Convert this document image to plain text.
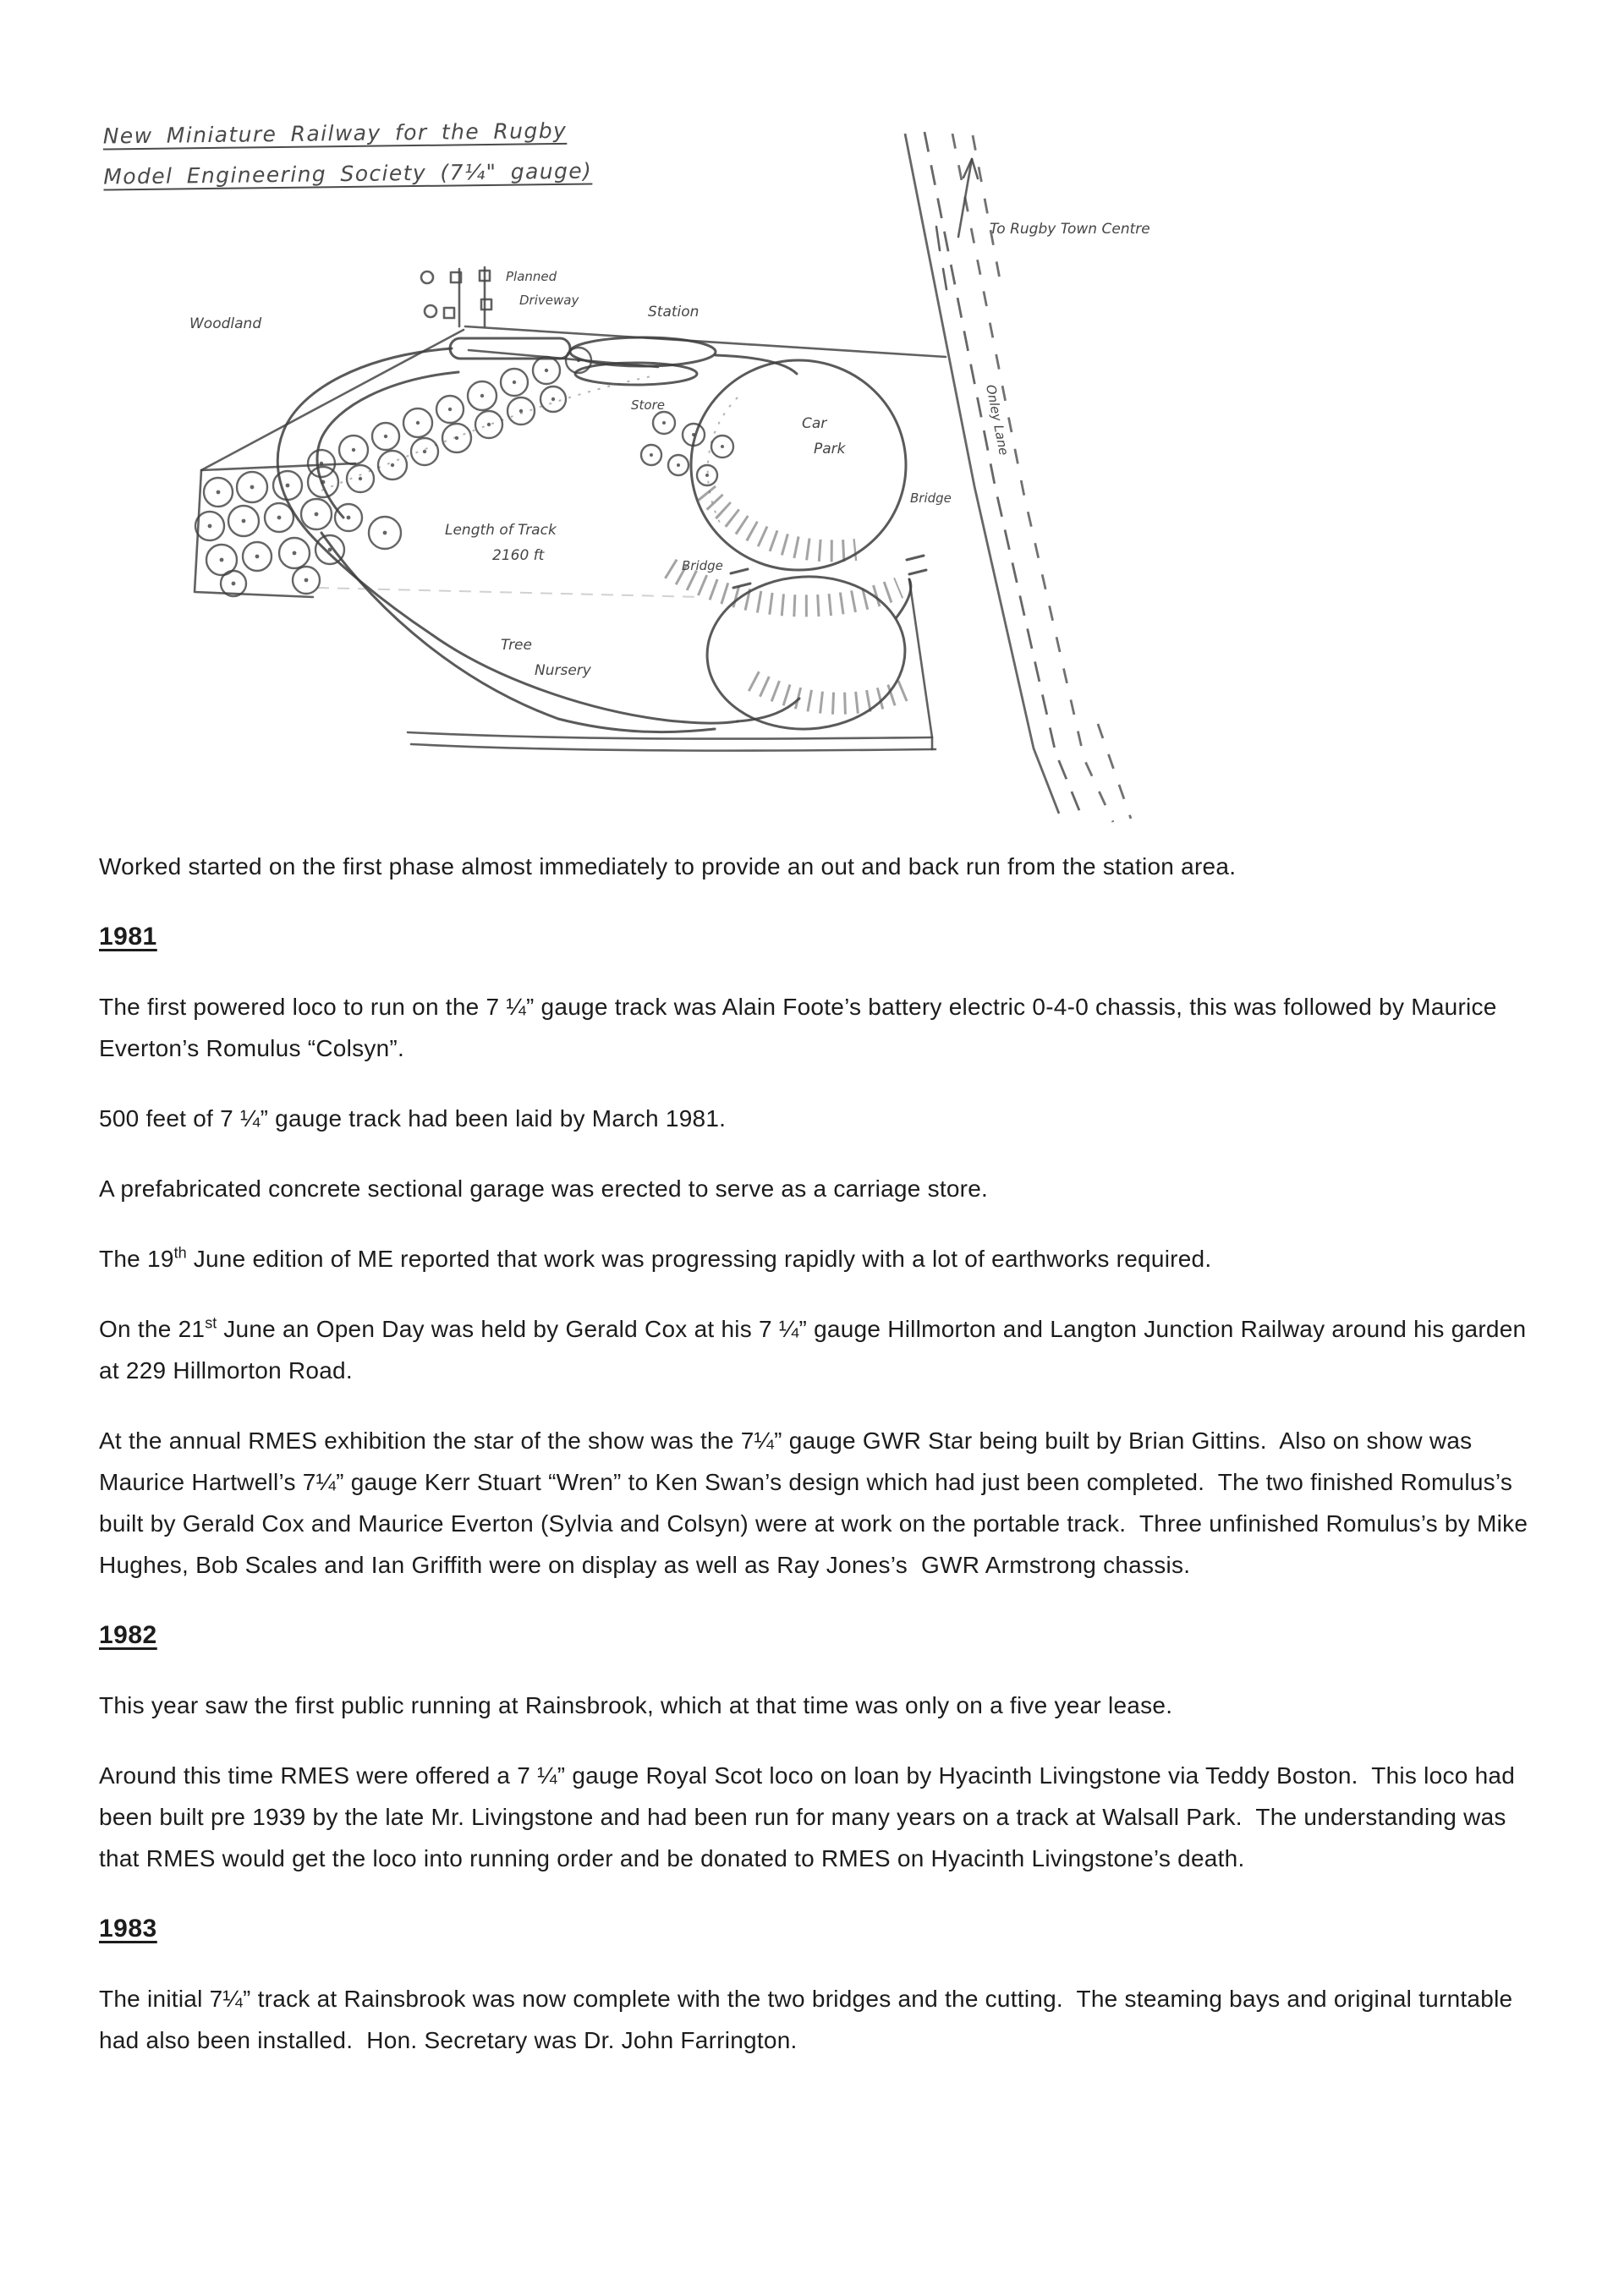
New Miniature Railway for the Rugby
Model Engineering Society (7¼" gauge)
Onley Lane
To Rugby Town Centre
Planned
Driveway
Station
Bridge
Bridge
Woodland
Store
Car
Park
Length of Track
2160 ft
Tree
Nursery

Worked started on the first phase almost immediately to provide an out and back run from the station area.

1981

The first powered loco to run on the 7 ¼” gauge track was Alain Foote’s battery electric 0-4-0 chassis, this was followed by Maurice Everton’s Romulus “Colsyn”.

500 feet of 7 ¼” gauge track had been laid by March 1981.

A prefabricated concrete sectional garage was erected to serve as a carriage store.

The 19th June edition of ME reported that work was progressing rapidly with a lot of earthworks required.

On the 21st June an Open Day was held by Gerald Cox at his 7 ¼” gauge Hillmorton and Langton Junction Railway around his garden at 229 Hillmorton Road.

At the annual RMES exhibition the star of the show was the 7¼” gauge GWR Star being built by Brian Gittins.  Also on show was Maurice Hartwell’s 7¼” gauge Kerr Stuart “Wren” to Ken Swan’s design which had just been completed.  The two finished Romulus’s built by Gerald Cox and Maurice Everton (Sylvia and Colsyn) were at work on the portable track.  Three unfinished Romulus’s by Mike Hughes, Bob Scales and Ian Griffith were on display as well as Ray Jones’s  GWR Armstrong chassis.

1982

This year saw the first public running at Rainsbrook, which at that time was only on a five year lease.

Around this time RMES were offered a 7 ¼” gauge Royal Scot loco on loan by Hyacinth Livingstone via Teddy Boston.  This loco had been built pre 1939 by the late Mr. Livingstone and had been run for many years on a track at Walsall Park.  The understanding was that RMES would get the loco into running order and be donated to RMES on Hyacinth Livingstone’s death.

1983

The initial 7¼” track at Rainsbrook was now complete with the two bridges and the cutting.  The steaming bays and original turntable had also been installed.  Hon. Secretary was Dr. John Farrington.
